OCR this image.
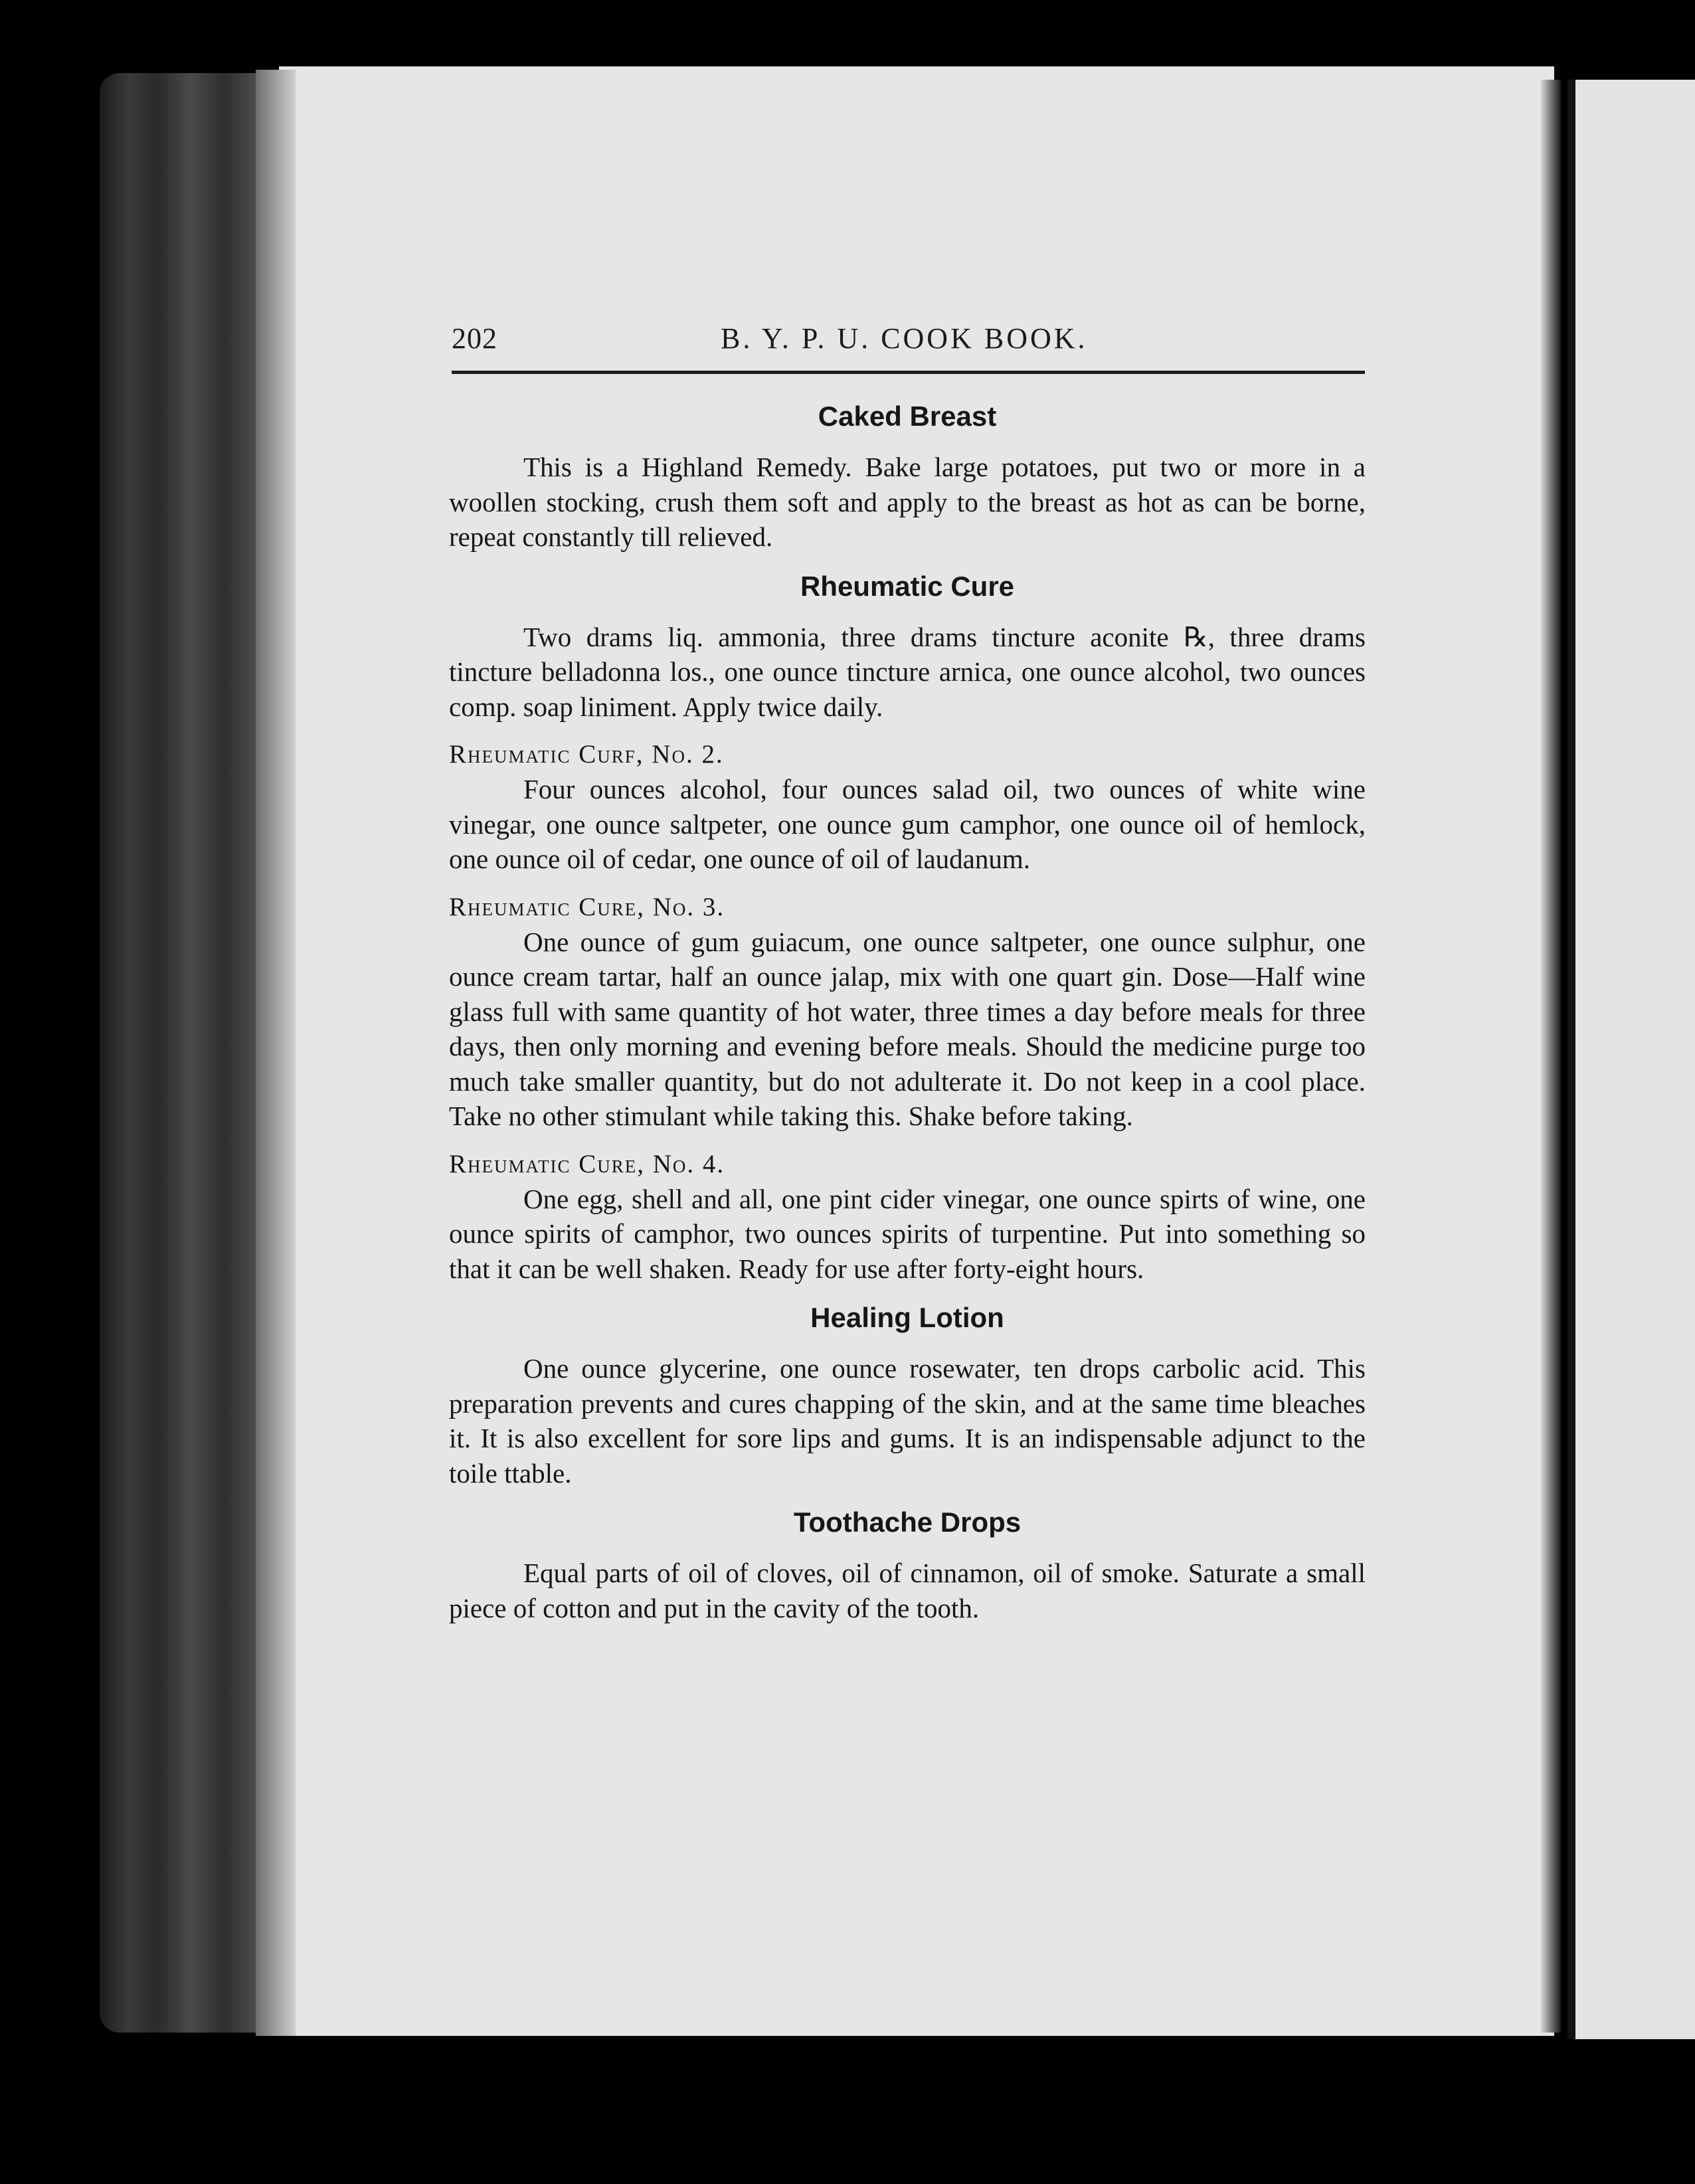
202	B. Y. P. U. COOK BOOK.
Caked Breast

This is a Highland Remedy. Bake large potatoes, put two or more in a woollen stocking, crush them soft and apply to the breast as hot as can be borne, repeat constantly till relieved.

Rheumatic Cure

Two drams liq. ammonia, three drams tincture aconite ℞, three drams tincture belladonna los., one ounce tincture arnica, one ounce alcohol, two ounces comp. soap liniment. Apply twice daily.

Rheumatic Curf, No. 2.

Four ounces alcohol, four ounces salad oil, two ounces of white wine vinegar, one ounce saltpeter, one ounce gum camphor, one ounce oil of hemlock, one ounce oil of cedar, one ounce of oil of laudanum.

Rheumatic Cure, No. 3.

One ounce of gum guiacum, one ounce saltpeter, one ounce sulphur, one ounce cream tartar, half an ounce jalap, mix with one quart gin. Dose—Half wine glass full with same quantity of hot water, three times a day before meals for three days, then only morning and evening before meals. Should the medicine purge too much take smaller quantity, but do not adulterate it. Do not keep in a cool place. Take no other stimulant while taking this. Shake before taking.

Rheumatic Cure, No. 4.

One egg, shell and all, one pint cider vinegar, one ounce spirts of wine, one ounce spirits of camphor, two ounces spirits of turpentine. Put into something so that it can be well shaken. Ready for use after forty-eight hours.

Healing Lotion

One ounce glycerine, one ounce rosewater, ten drops carbolic acid. This preparation prevents and cures chapping of the skin, and at the same time bleaches it. It is also excellent for sore lips and gums. It is an indispensable adjunct to the toile ttable.

Toothache Drops

Equal parts of oil of cloves, oil of cinnamon, oil of smoke. Saturate a small piece of cotton and put in the cavity of the tooth.
